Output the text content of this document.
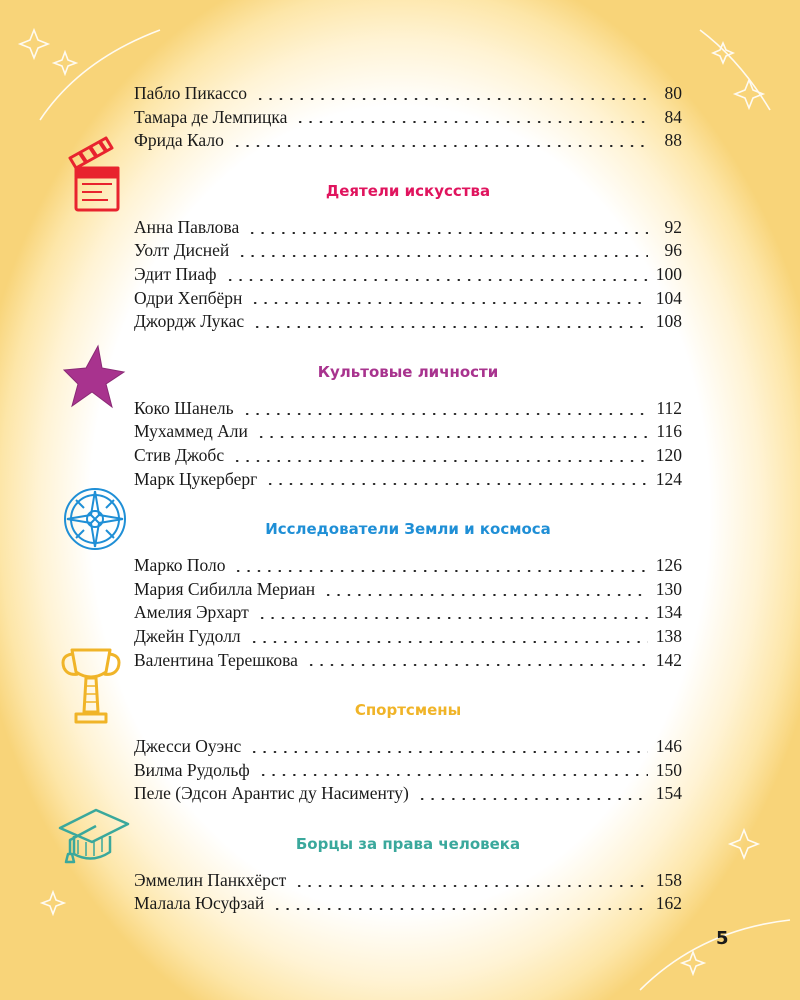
Пабло Пикассо	80
Тамара де Лемпицка	84
Фрида Кало	88
Деятели искусства
Анна Павлова	92
Уолт Дисней	96
Эдит Пиаф	100
Одри Хепбёрн	104
Джордж Лукас	108
Культовые личности
Коко Шанель	112
Мухаммед Али	116
Стив Джобс	120
Марк Цукерберг	124
Исследователи Земли и космоса
Марко Поло	126
Мария Сибилла Мериан	130
Амелия Эрхарт	134
Джейн Гудолл	138
Валентина Терешкова	142
Спортсмены
Джесси Оуэнс	146
Вилма Рудольф	150
Пеле (Эдсон Арантис ду Насименту)	154
Борцы за права человека
Эммелин Панкхёрст	158
Малала Юсуфзай	162
5
